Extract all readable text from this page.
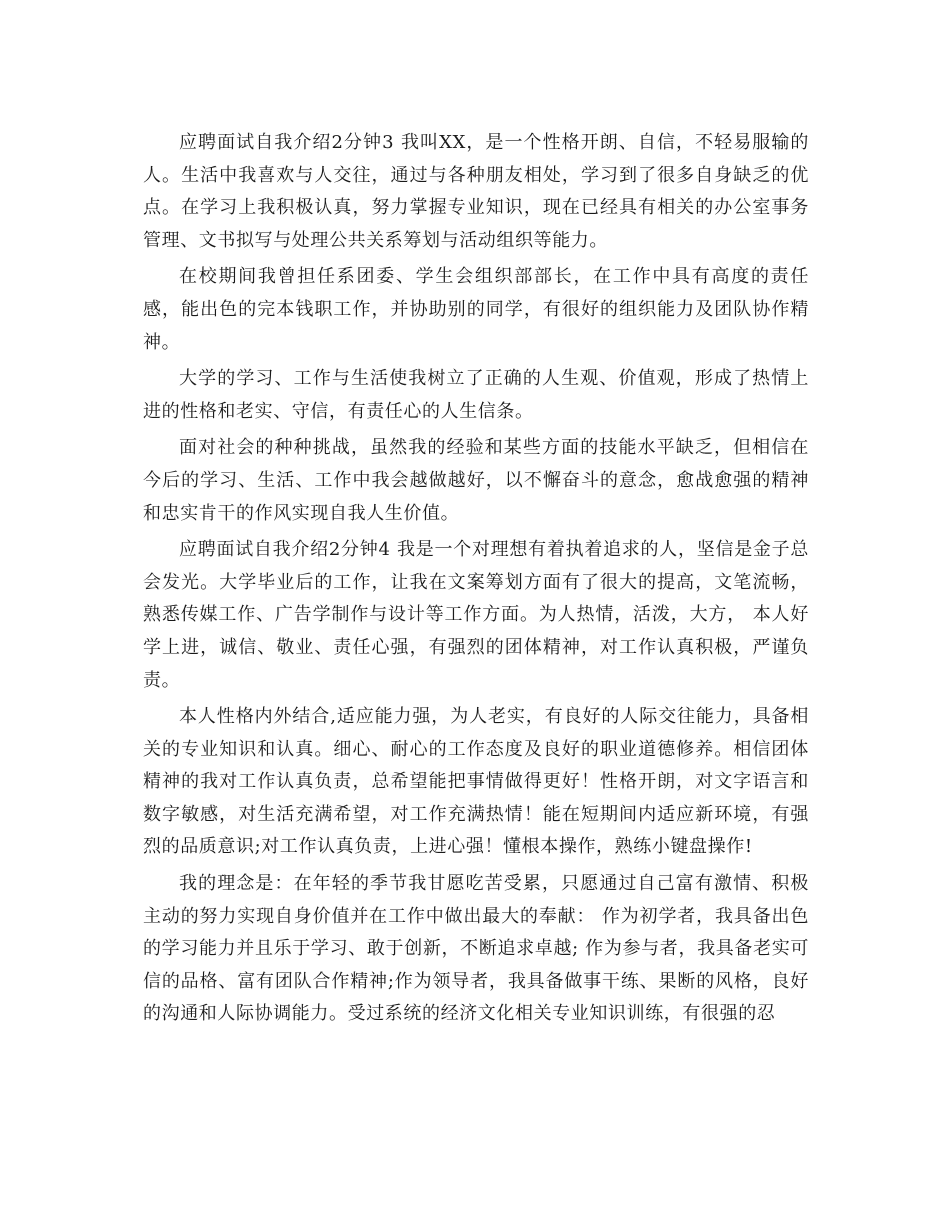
应聘面试自我介绍2分钟3 我叫XX，是一个性格开朗、自信，不轻易服输的人。生活中我喜欢与人交往，通过与各种朋友相处，学习到了很多自身缺乏的优点。在学习上我积极认真，努力掌握专业知识，现在已经具有相关的办公室事务管理、文书拟写与处理公共关系筹划与活动组织等能力。

在校期间我曾担任系团委、学生会组织部部长，在工作中具有高度的责任感，能出色的完本钱职工作，并协助别的同学，有很好的组织能力及团队协作精神。

大学的学习、工作与生活使我树立了正确的人生观、价值观，形成了热情上进的性格和老实、守信，有责任心的人生信条。

面对社会的种种挑战，虽然我的经验和某些方面的技能水平缺乏，但相信在今后的学习、生活、工作中我会越做越好，以不懈奋斗的意念，愈战愈强的精神和忠实肯干的作风实现自我人生价值。

应聘面试自我介绍2分钟4 我是一个对理想有着执着追求的人，坚信是金子总会发光。大学毕业后的工作，让我在文案筹划方面有了很大的提高，文笔流畅，熟悉传媒工作、广告学制作与设计等工作方面。为人热情，活泼，大方， 本人好学上进，诚信、敬业、责任心强，有强烈的团体精神，对工作认真积极，严谨负责。

本人性格内外结合,适应能力强，为人老实，有良好的人际交往能力，具备相关的专业知识和认真。细心、耐心的工作态度及良好的职业道德修养。相信团体精神的我对工作认真负责，总希望能把事情做得更好！性格开朗，对文字语言和数字敏感，对生活充满希望，对工作充满热情！能在短期间内适应新环境，有强烈的品质意识;对工作认真负责，上进心强！懂根本操作，熟练小键盘操作!

我的理念是：在年轻的季节我甘愿吃苦受累，只愿通过自己富有激情、积极主动的努力实现自身价值并在工作中做出最大的奉献： 作为初学者，我具备出色的学习能力并且乐于学习、敢于创新，不断追求卓越; 作为参与者，我具备老实可信的品格、富有团队合作精神;作为领导者，我具备做事干练、果断的风格，良好的沟通和人际协调能力。受过系统的经济文化相关专业知识训练，有很强的忍
